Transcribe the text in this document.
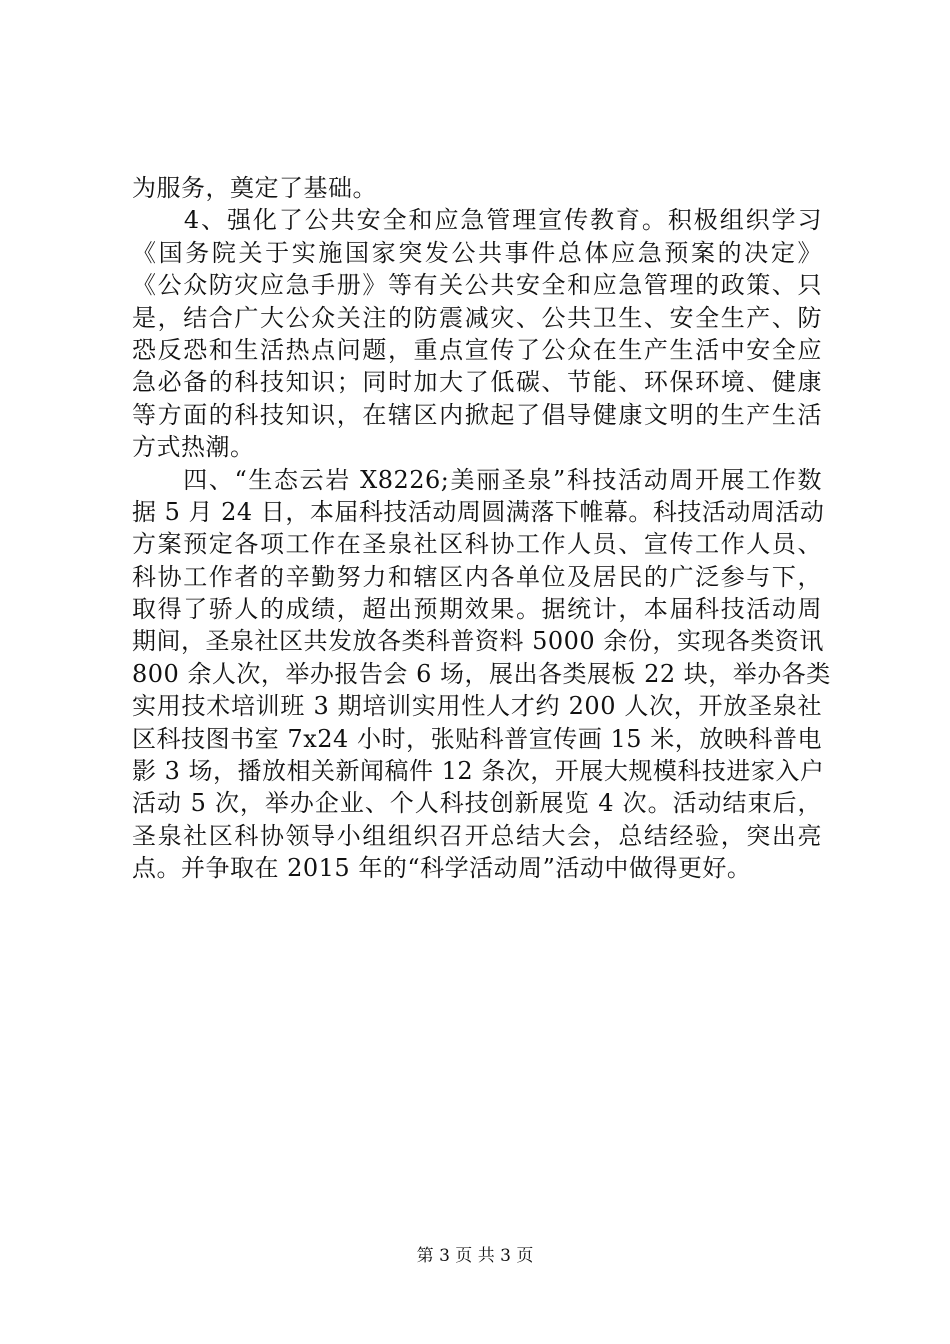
为服务，奠定了基础。
　　4、强化了公共安全和应急管理宣传教育。积极组织学习
《国务院关于实施国家突发公共事件总体应急预案的决定》
《公众防灾应急手册》等有关公共安全和应急管理的政策、只
是，结合广大公众关注的防震减灾、公共卫生、安全生产、防
恐反恐和生活热点问题，重点宣传了公众在生产生活中安全应
急必备的科技知识；同时加大了低碳、节能、环保环境、健康
等方面的科技知识，在辖区内掀起了倡导健康文明的生产生活
方式热潮。
　　四、“生态云岩 X8226;美丽圣泉”科技活动周开展工作数
据 5 月 24 日，本届科技活动周圆满落下帷幕。科技活动周活动
方案预定各项工作在圣泉社区科协工作人员、宣传工作人员、
科协工作者的辛勤努力和辖区内各单位及居民的广泛参与下，
取得了骄人的成绩，超出预期效果。据统计，本届科技活动周
期间，圣泉社区共发放各类科普资料 5000 余份，实现各类资讯
800 余人次，举办报告会 6 场，展出各类展板 22 块，举办各类
实用技术培训班 3 期培训实用性人才约 200 人次，开放圣泉社
区科技图书室 7x24 小时，张贴科普宣传画 15 米，放映科普电
影 3 场，播放相关新闻稿件 12 条次，开展大规模科技进家入户
活动 5 次，举办企业、个人科技创新展览 4 次。活动结束后，
圣泉社区科协领导小组组织召开总结大会，总结经验，突出亮
点。并争取在 2015 年的“科学活动周”活动中做得更好。
第 3 页 共 3 页
